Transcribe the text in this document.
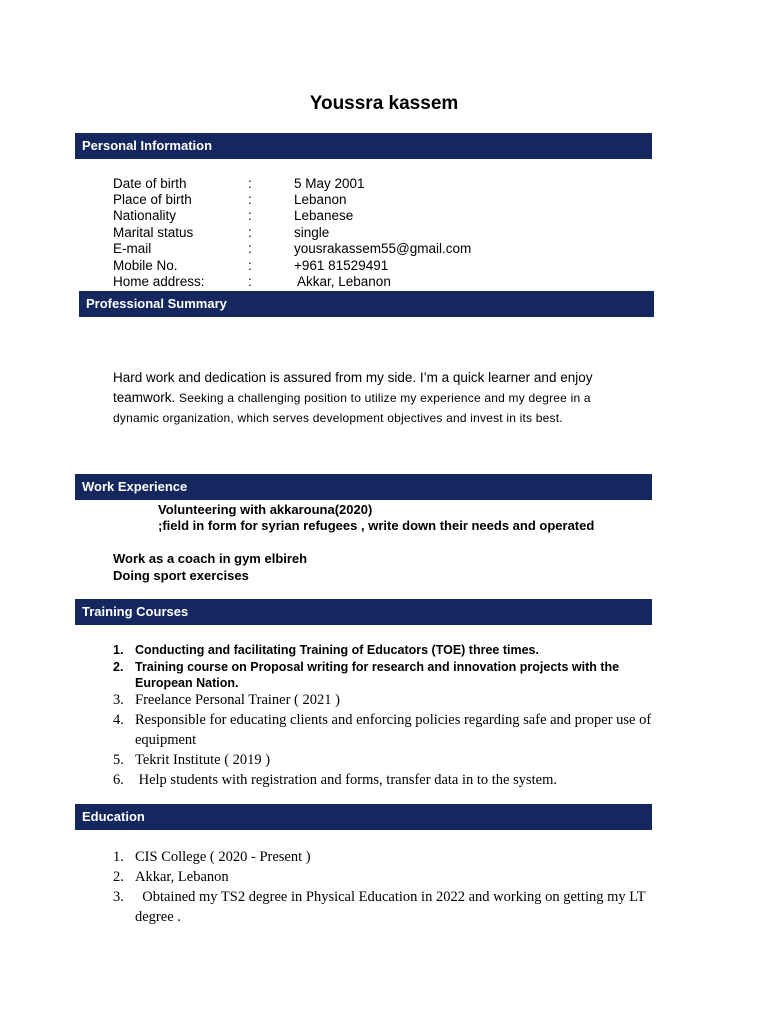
Youssra kassem
Personal Information
Date of birth	:	5 May 2001
Place of birth	:	Lebanon
Nationality	:	Lebanese
Marital status	:	single
E-mail	:	yousrakassem55@gmail.com
Mobile No.	:	+961 81529491
Home address:	:	Akkar, Lebanon
Professional Summary
Hard work and dedication is assured from my side. I’m a quick learner and enjoy teamwork. Seeking a challenging position to utilize my experience and my degree in a dynamic organization, which serves development objectives and invest in its best.
Work Experience
Volunteering with akkarouna(2020)
;field in form for syrian refugees , write down their needs and operated
Work as a coach in gym elbireh
Doing sport exercises
Training Courses
1. Conducting and facilitating Training of Educators (TOE) three times.
2. Training course on Proposal writing for research and innovation projects with the European Nation.
3. Freelance Personal Trainer ( 2021 )
4. Responsible for educating clients and enforcing policies regarding safe and proper use of equipment
5. Tekrit Institute ( 2019 )
6. Help students with registration and forms, transfer data in to the system.
Education
1. CIS College ( 2020 - Present )
2. Akkar, Lebanon
3. Obtained my TS2 degree in Physical Education in 2022 and working on getting my LT degree .
